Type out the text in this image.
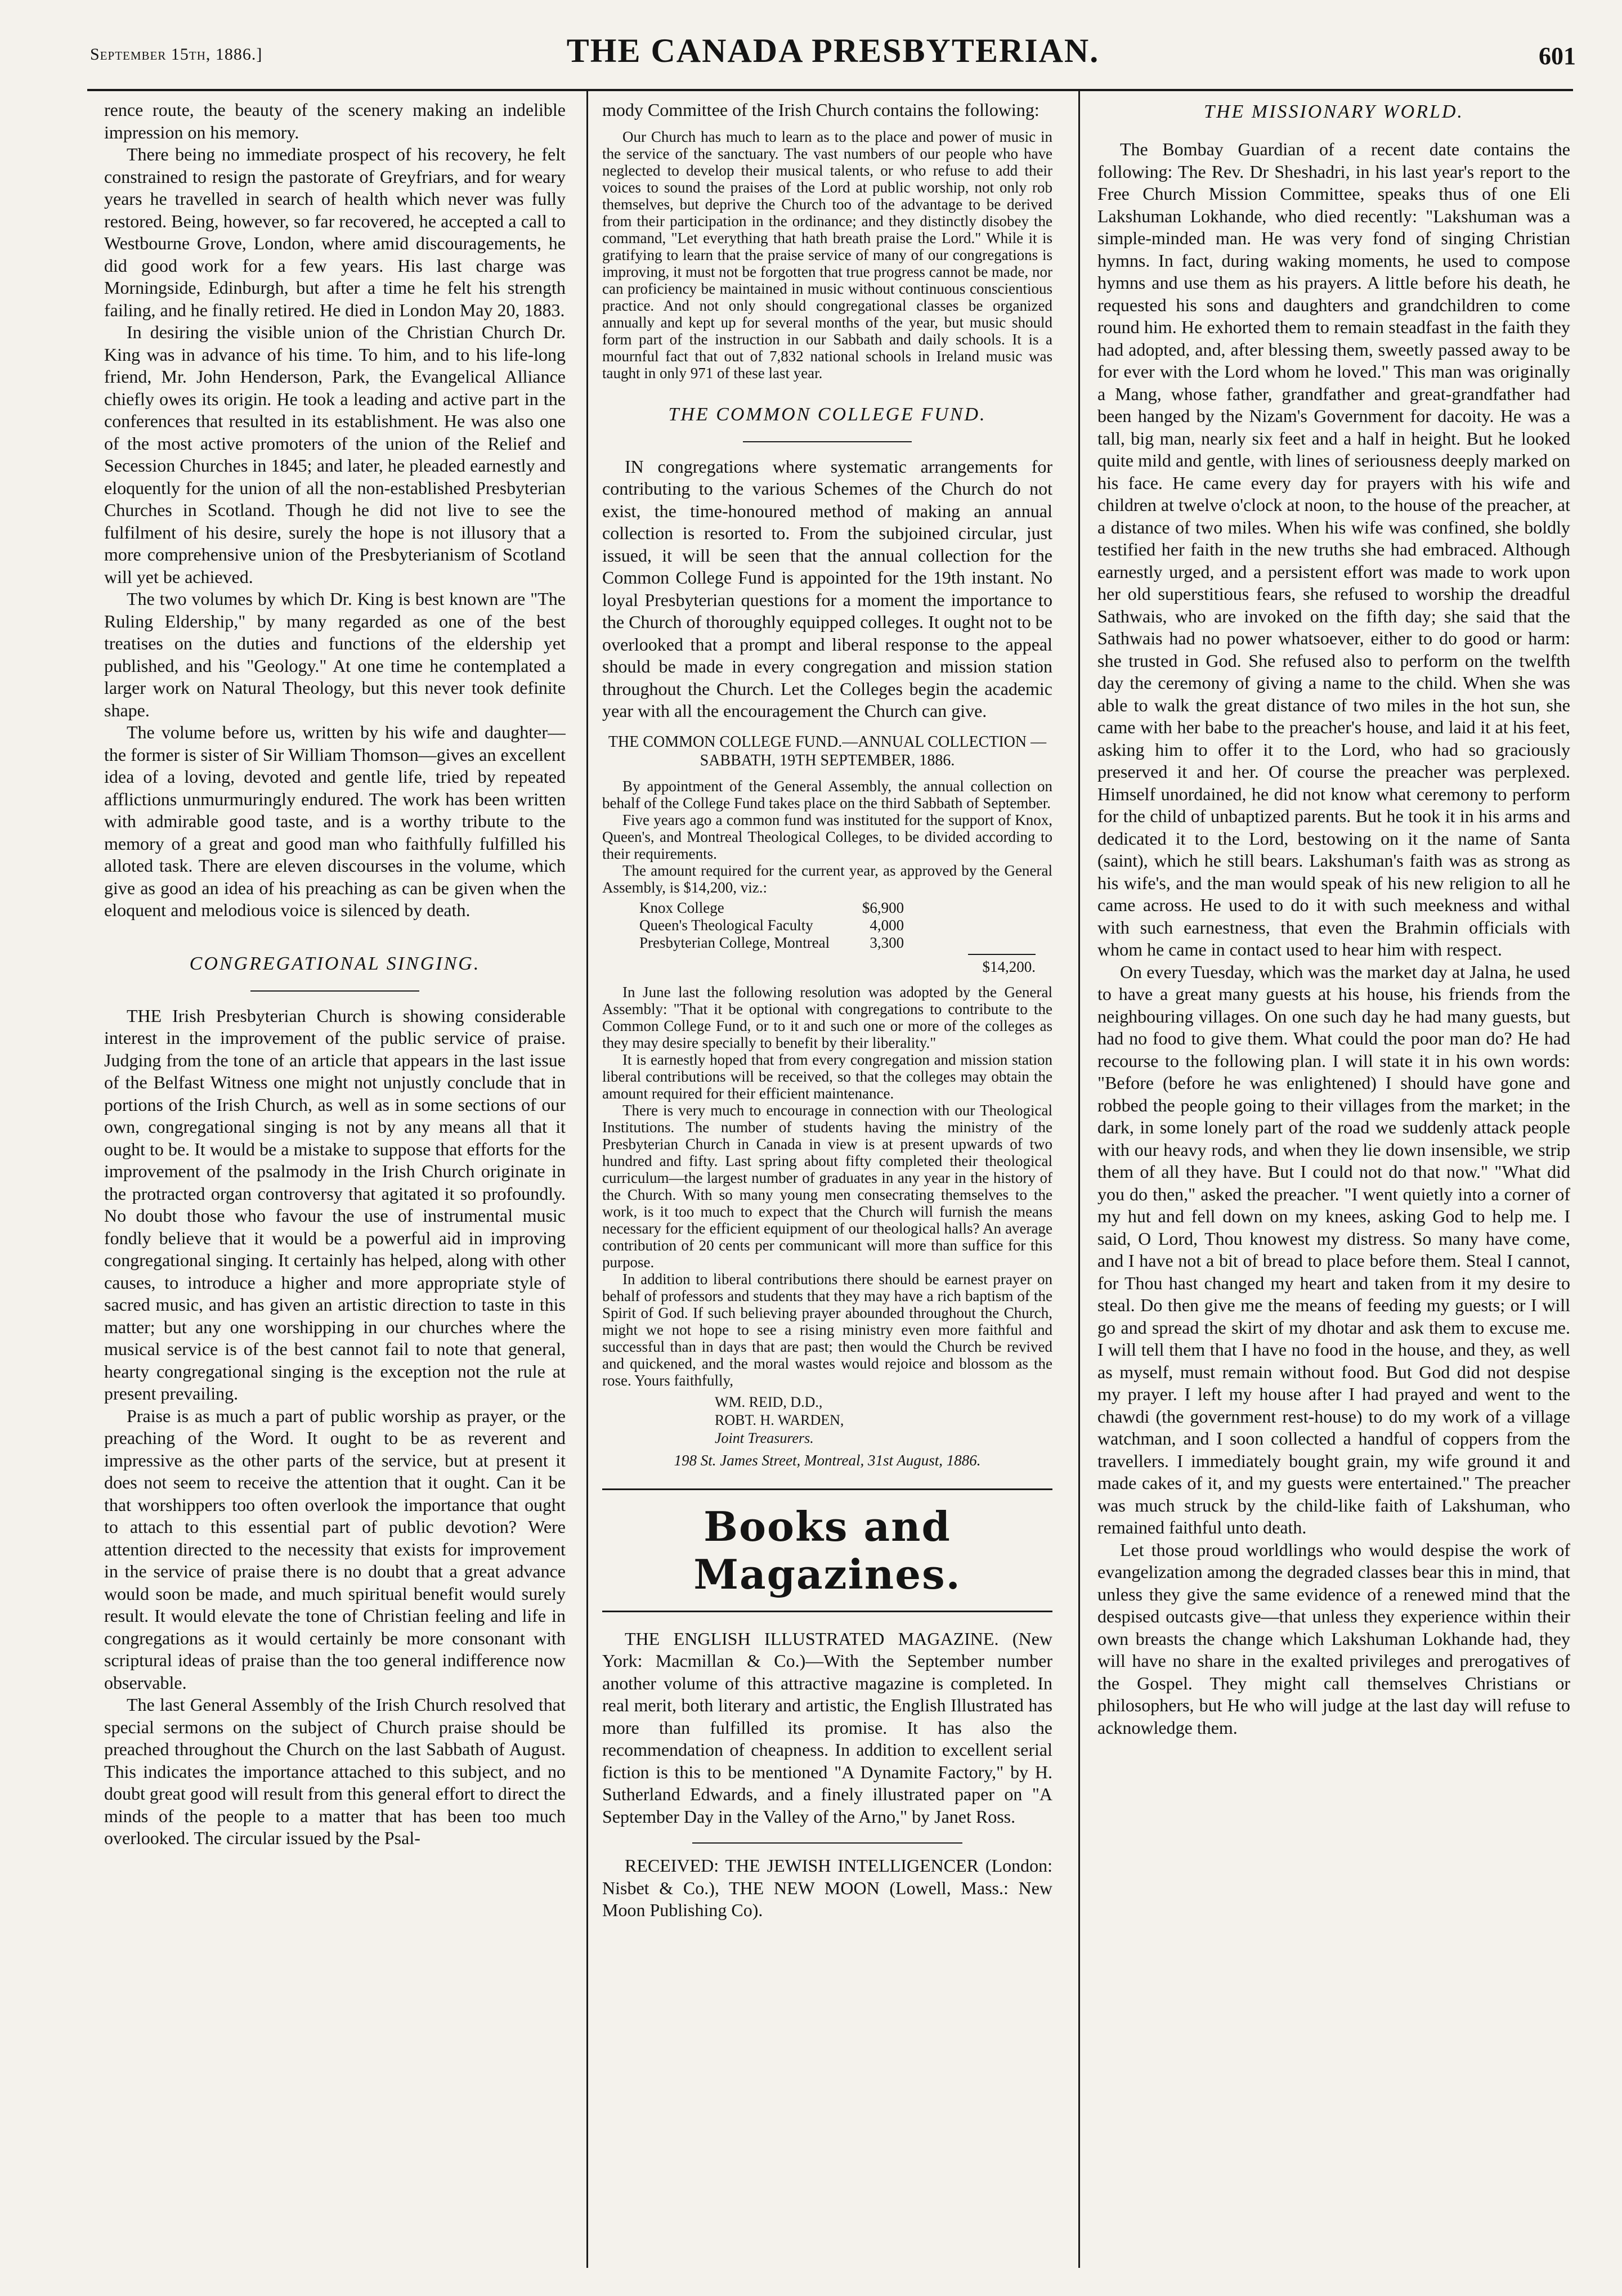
September 15th, 1886.]	THE CANADA PRESBYTERIAN.	601

rence route, the beauty of the scenery making an indelible impression on his memory.

There being no immediate prospect of his recovery, he felt constrained to resign the pastorate of Greyfriars, and for weary years he travelled in search of health which never was fully restored. Being, however, so far recovered, he accepted a call to Westbourne Grove, London, where amid discouragements, he did good work for a few years. His last charge was Morningside, Edinburgh, but after a time he felt his strength failing, and he finally retired. He died in London May 20, 1883.

In desiring the visible union of the Christian Church Dr. King was in advance of his time. To him, and to his life-long friend, Mr. John Henderson, Park, the Evangelical Alliance chiefly owes its origin. He took a leading and active part in the conferences that resulted in its establishment. He was also one of the most active promoters of the union of the Relief and Secession Churches in 1845; and later, he pleaded earnestly and eloquently for the union of all the non-established Presbyterian Churches in Scotland. Though he did not live to see the fulfilment of his desire, surely the hope is not illusory that a more comprehensive union of the Presbyterianism of Scotland will yet be achieved.

The two volumes by which Dr. King is best known are "The Ruling Eldership," by many regarded as one of the best treatises on the duties and functions of the eldership yet published, and his "Geology." At one time he contemplated a larger work on Natural Theology, but this never took definite shape.

The volume before us, written by his wife and daughter—the former is sister of Sir William Thomson—gives an excellent idea of a loving, devoted and gentle life, tried by repeated afflictions unmurmuringly endured. The work has been written with admirable good taste, and is a worthy tribute to the memory of a great and good man who faithfully fulfilled his alloted task. There are eleven discourses in the volume, which give as good an idea of his preaching as can be given when the eloquent and melodious voice is silenced by death.

CONGREGATIONAL SINGING.

THE Irish Presbyterian Church is showing considerable interest in the improvement of the public service of praise. Judging from the tone of an article that appears in the last issue of the Belfast Witness one might not unjustly conclude that in portions of the Irish Church, as well as in some sections of our own, congregational singing is not by any means all that it ought to be. It would be a mistake to suppose that efforts for the improvement of the psalmody in the Irish Church originate in the protracted organ controversy that agitated it so profoundly. No doubt those who favour the use of instrumental music fondly believe that it would be a powerful aid in improving congregational singing. It certainly has helped, along with other causes, to introduce a higher and more appropriate style of sacred music, and has given an artistic direction to taste in this matter; but any one worshipping in our churches where the musical service is of the best cannot fail to note that general, hearty congregational singing is the exception not the rule at present prevailing.

Praise is as much a part of public worship as prayer, or the preaching of the Word. It ought to be as reverent and impressive as the other parts of the service, but at present it does not seem to receive the attention that it ought. Can it be that worshippers too often overlook the importance that ought to attach to this essential part of public devotion? Were attention directed to the necessity that exists for improvement in the service of praise there is no doubt that a great advance would soon be made, and much spiritual benefit would surely result. It would elevate the tone of Christian feeling and life in congregations as it would certainly be more consonant with scriptural ideas of praise than the too general indifference now observable.

The last General Assembly of the Irish Church resolved that special sermons on the subject of Church praise should be preached throughout the Church on the last Sabbath of August. This indicates the importance attached to this subject, and no doubt great good will result from this general effort to direct the minds of the people to a matter that has been too much overlooked. The circular issued by the Psal-

mody Committee of the Irish Church contains the following:

Our Church has much to learn as to the place and power of music in the service of the sanctuary. The vast numbers of our people who have neglected to develop their musical talents, or who refuse to add their voices to sound the praises of the Lord at public worship, not only rob themselves, but deprive the Church too of the advantage to be derived from their participation in the ordinance; and they distinctly disobey the command, "Let everything that hath breath praise the Lord." While it is gratifying to learn that the praise service of many of our congregations is improving, it must not be forgotten that true progress cannot be made, nor can proficiency be maintained in music without continuous conscientious practice. And not only should congregational classes be organized annually and kept up for several months of the year, but music should form part of the instruction in our Sabbath and daily schools. It is a mournful fact that out of 7,832 national schools in Ireland music was taught in only 971 of these last year.

THE COMMON COLLEGE FUND.

IN congregations where systematic arrangements for contributing to the various Schemes of the Church do not exist, the time-honoured method of making an annual collection is resorted to. From the subjoined circular, just issued, it will be seen that the annual collection for the Common College Fund is appointed for the 19th instant. No loyal Presbyterian questions for a moment the importance to the Church of thoroughly equipped colleges. It ought not to be overlooked that a prompt and liberal response to the appeal should be made in every congregation and mission station throughout the Church. Let the Colleges begin the academic year with all the encouragement the Church can give.

THE COMMON COLLEGE FUND.—ANNUAL COLLECTION —SABBATH, 19TH SEPTEMBER, 1886.

By appointment of the General Assembly, the annual collection on behalf of the College Fund takes place on the third Sabbath of September.

Five years ago a common fund was instituted for the support of Knox, Queen's, and Montreal Theological Colleges, to be divided according to their requirements.

The amount required for the current year, as approved by the General Assembly, is $14,200, viz.:

Knox College	$6,900
Queen's Theological Faculty	4,000
Presbyterian College, Montreal	3,300
$14,200.

In June last the following resolution was adopted by the General Assembly: "That it be optional with congregations to contribute to the Common College Fund, or to it and such one or more of the colleges as they may desire specially to benefit by their liberality."

It is earnestly hoped that from every congregation and mission station liberal contributions will be received, so that the colleges may obtain the amount required for their efficient maintenance.

There is very much to encourage in connection with our Theological Institutions. The number of students having the ministry of the Presbyterian Church in Canada in view is at present upwards of two hundred and fifty. Last spring about fifty completed their theological curriculum—the largest number of graduates in any year in the history of the Church. With so many young men consecrating themselves to the work, is it too much to expect that the Church will furnish the means necessary for the efficient equipment of our theological halls? An average contribution of 20 cents per communicant will more than suffice for this purpose.

In addition to liberal contributions there should be earnest prayer on behalf of professors and students that they may have a rich baptism of the Spirit of God. If such believing prayer abounded throughout the Church, might we not hope to see a rising ministry even more faithful and successful than in days that are past; then would the Church be revived and quickened, and the moral wastes would rejoice and blossom as the rose. Yours faithfully,

WM. REID, D.D.,
ROBT. H. WARDEN,
Joint Treasurers.
198 St. James Street, Montreal, 31st August, 1886.
Books and Magazines.

THE ENGLISH ILLUSTRATED MAGAZINE. (New York: Macmillan & Co.)—With the September number another volume of this attractive magazine is completed. In real merit, both literary and artistic, the English Illustrated has more than fulfilled its promise. It has also the recommendation of cheapness. In addition to excellent serial fiction is this to be mentioned "A Dynamite Factory," by H. Sutherland Edwards, and a finely illustrated paper on "A September Day in the Valley of the Arno," by Janet Ross.

RECEIVED: THE JEWISH INTELLIGENCER (London: Nisbet & Co.), THE NEW MOON (Lowell, Mass.: New Moon Publishing Co).

THE MISSIONARY WORLD.

The Bombay Guardian of a recent date contains the following: The Rev. Dr Sheshadri, in his last year's report to the Free Church Mission Committee, speaks thus of one Eli Lakshuman Lokhande, who died recently: "Lakshuman was a simple-minded man. He was very fond of singing Christian hymns. In fact, during waking moments, he used to compose hymns and use them as his prayers. A little before his death, he requested his sons and daughters and grandchildren to come round him. He exhorted them to remain steadfast in the faith they had adopted, and, after blessing them, sweetly passed away to be for ever with the Lord whom he loved." This man was originally a Mang, whose father, grandfather and great-grandfather had been hanged by the Nizam's Government for dacoity. He was a tall, big man, nearly six feet and a half in height. But he looked quite mild and gentle, with lines of seriousness deeply marked on his face. He came every day for prayers with his wife and children at twelve o'clock at noon, to the house of the preacher, at a distance of two miles. When his wife was confined, she boldly testified her faith in the new truths she had embraced. Although earnestly urged, and a persistent effort was made to work upon her old superstitious fears, she refused to worship the dreadful Sathwais, who are invoked on the fifth day; she said that the Sathwais had no power whatsoever, either to do good or harm: she trusted in God. She refused also to perform on the twelfth day the ceremony of giving a name to the child. When she was able to walk the great distance of two miles in the hot sun, she came with her babe to the preacher's house, and laid it at his feet, asking him to offer it to the Lord, who had so graciously preserved it and her. Of course the preacher was perplexed. Himself unordained, he did not know what ceremony to perform for the child of unbaptized parents. But he took it in his arms and dedicated it to the Lord, bestowing on it the name of Santa (saint), which he still bears. Lakshuman's faith was as strong as his wife's, and the man would speak of his new religion to all he came across. He used to do it with such meekness and withal with such earnestness, that even the Brahmin officials with whom he came in contact used to hear him with respect.

On every Tuesday, which was the market day at Jalna, he used to have a great many guests at his house, his friends from the neighbouring villages. On one such day he had many guests, but had no food to give them. What could the poor man do? He had recourse to the following plan. I will state it in his own words: "Before (before he was enlightened) I should have gone and robbed the people going to their villages from the market; in the dark, in some lonely part of the road we suddenly attack people with our heavy rods, and when they lie down insensible, we strip them of all they have. But I could not do that now." "What did you do then," asked the preacher. "I went quietly into a corner of my hut and fell down on my knees, asking God to help me. I said, O Lord, Thou knowest my distress. So many have come, and I have not a bit of bread to place before them. Steal I cannot, for Thou hast changed my heart and taken from it my desire to steal. Do then give me the means of feeding my guests; or I will go and spread the skirt of my dhotar and ask them to excuse me. I will tell them that I have no food in the house, and they, as well as myself, must remain without food. But God did not despise my prayer. I left my house after I had prayed and went to the chawdi (the government rest-house) to do my work of a village watchman, and I soon collected a handful of coppers from the travellers. I immediately bought grain, my wife ground it and made cakes of it, and my guests were entertained." The preacher was much struck by the child-like faith of Lakshuman, who remained faithful unto death.

Let those proud worldlings who would despise the work of evangelization among the degraded classes bear this in mind, that unless they give the same evidence of a renewed mind that the despised outcasts give—that unless they experience within their own breasts the change which Lakshuman Lokhande had, they will have no share in the exalted privileges and prerogatives of the Gospel. They might call themselves Christians or philosophers, but He who will judge at the last day will refuse to acknowledge them.
